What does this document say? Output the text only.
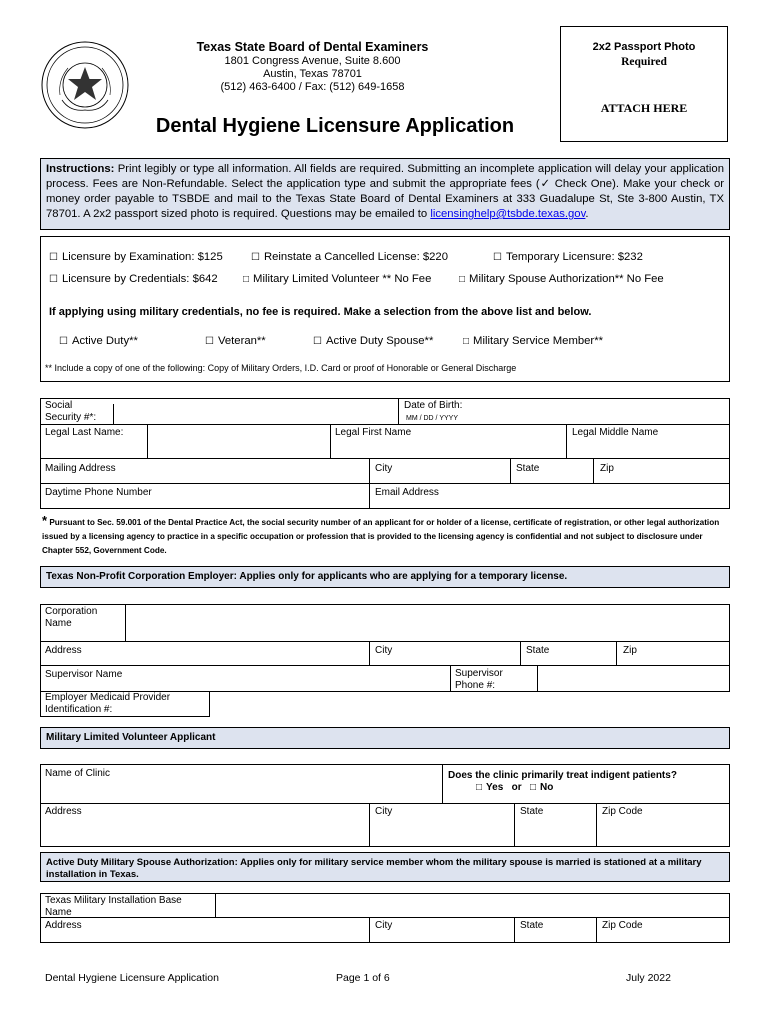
Texas State Board of Dental Examiners
1801 Congress Avenue, Suite 8.600
Austin, Texas 78701
(512) 463-6400 / Fax: (512) 649-1658
Dental Hygiene Licensure Application
2x2 Passport Photo
Required
ATTACH HERE
Instructions: Print legibly or type all information. All fields are required. Submitting an incomplete application will delay your application process. Fees are Non-Refundable. Select the application type and submit the appropriate fees (✓ Check One). Make your check or money order payable to TSBDE and mail to the Texas State Board of Dental Examiners at 333 Guadalupe St, Ste 3-800 Austin, TX 78701. A 2x2 passport sized photo is required. Questions may be emailed to licensinghelp@tsbde.texas.gov.
☐ Licensure by Examination: $125	☐ Reinstate a Cancelled License: $220	☐ Temporary Licensure: $232
☐ Licensure by Credentials: $642	□ Military Limited Volunteer ** No Fee	□ Military Spouse Authorization** No Fee
If applying using military credentials, no fee is required. Make a selection from the above list and below.
☐ Active Duty**	☐ Veteran**	☐ Active Duty Spouse**	□ Military Service Member**
** Include a copy of one of the following: Copy of Military Orders, I.D. Card or proof of Honorable or General Discharge
Social
Security #*:
Date of Birth:
MM / DD / YYYY
Legal Last Name:	Legal First Name	Legal Middle Name
Mailing Address	City	State	Zip
Daytime Phone Number	Email Address
* Pursuant to Sec. 59.001 of the Dental Practice Act, the social security number of an applicant for or holder of a license, certificate of registration, or other legal authorization issued by a licensing agency to practice in a specific occupation or profession that is provided to the licensing agency is confidential and not subject to disclosure under Chapter 552, Government Code.
Texas Non-Profit Corporation Employer: Applies only for applicants who are applying for a temporary license.
Corporation
Name
Address	City	State	Zip
Supervisor Name	Supervisor
Phone #:
Employer Medicaid Provider
Identification #:
Military Limited Volunteer Applicant
Name of Clinic	Does the clinic primarily treat indigent patients?
□ Yes or □ No
Address	City	State	Zip Code
Active Duty Military Spouse Authorization: Applies only for military service member whom the military spouse is married is stationed at a military installation in Texas.
Texas Military Installation Base
Name
Address	City	State	Zip Code
Dental Hygiene Licensure Application	Page 1 of 6	July 2022
